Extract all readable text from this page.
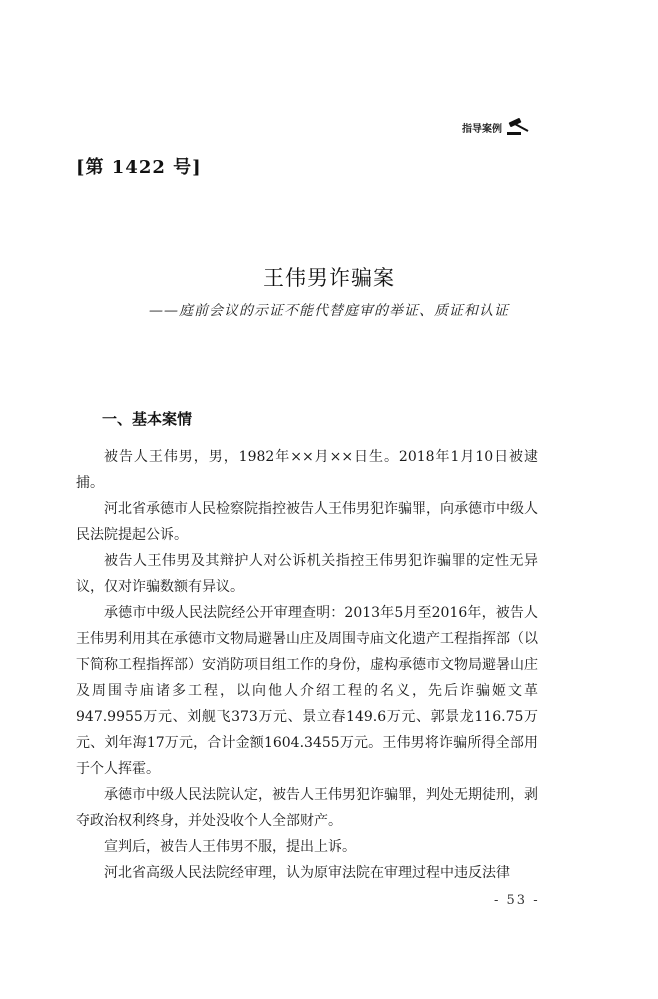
指导案例
[第 1422 号]
王伟男诈骗案
——庭前会议的示证不能代替庭审的举证、质证和认证
一、基本案情

被告人王伟男，男，1982年××月××日生。2018年1月10日被逮捕。

河北省承德市人民检察院指控被告人王伟男犯诈骗罪，向承德市中级人民法院提起公诉。

被告人王伟男及其辩护人对公诉机关指控王伟男犯诈骗罪的定性无异议，仅对诈骗数额有异议。

承德市中级人民法院经公开审理查明：2013年5月至2016年，被告人王伟男利用其在承德市文物局避暑山庄及周围寺庙文化遗产工程指挥部（以下简称工程指挥部）安消防项目组工作的身份，虚构承德市文物局避暑山庄及周围寺庙诸多工程，以向他人介绍工程的名义，先后诈骗姬文革947.9955万元、刘舰飞373万元、景立春149.6万元、郭景龙116.75万元、刘年海17万元，合计金额1604.3455万元。王伟男将诈骗所得全部用于个人挥霍。

承德市中级人民法院认定，被告人王伟男犯诈骗罪，判处无期徒刑，剥夺政治权利终身，并处没收个人全部财产。

宣判后，被告人王伟男不服，提出上诉。

河北省高级人民法院经审理，认为原审法院在审理过程中违反法律

- 53 -
